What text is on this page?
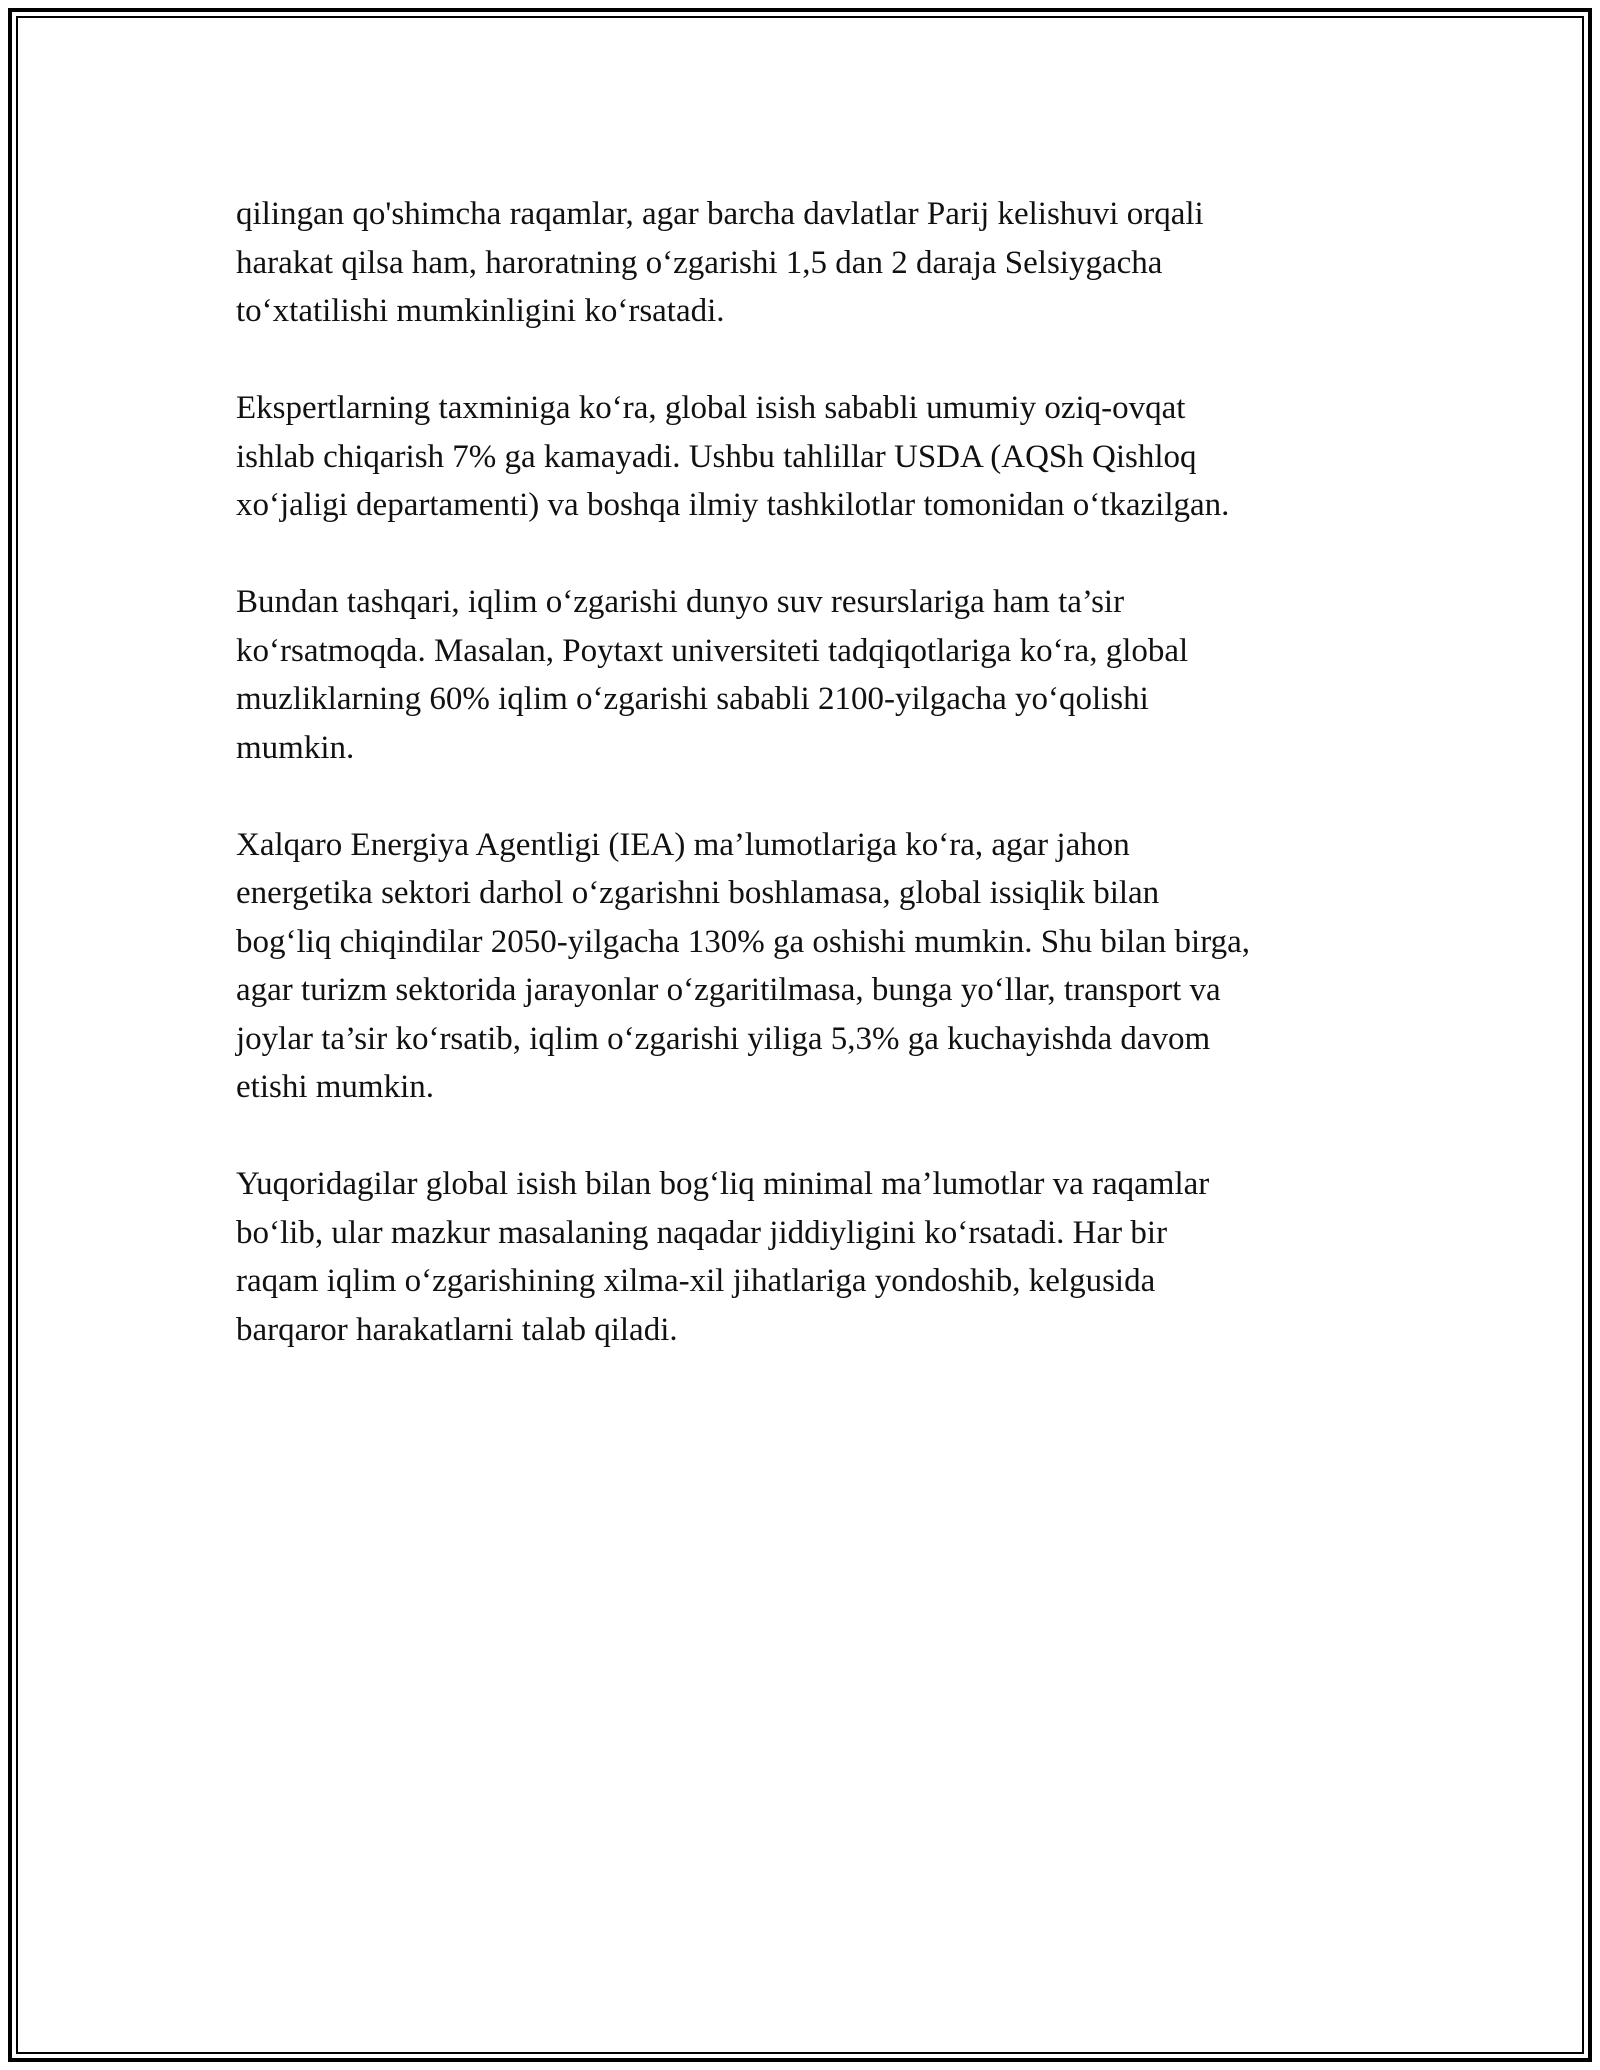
qilingan qo'shimcha raqamlar, agar barcha davlatlar Parij kelishuvi orqali
harakat qilsa ham, haroratning o‘zgarishi 1,5 dan 2 daraja Selsiygacha
to‘xtatilishi mumkinligini ko‘rsatadi.

Ekspertlarning taxminiga ko‘ra, global isish sababli umumiy oziq-ovqat
ishlab chiqarish 7% ga kamayadi. Ushbu tahlillar USDA (AQSh Qishloq
xo‘jaligi departamenti) va boshqa ilmiy tashkilotlar tomonidan o‘tkazilgan.

Bundan tashqari, iqlim o‘zgarishi dunyo suv resurslariga ham ta’sir
ko‘rsatmoqda. Masalan, Poytaxt universiteti tadqiqotlariga ko‘ra, global
muzliklarning 60% iqlim o‘zgarishi sababli 2100-yilgacha yo‘qolishi
mumkin.

Xalqaro Energiya Agentligi (IEA) ma’lumotlariga ko‘ra, agar jahon
energetika sektori darhol o‘zgarishni boshlamasa, global issiqlik bilan
bog‘liq chiqindilar 2050-yilgacha 130% ga oshishi mumkin. Shu bilan birga,
agar turizm sektorida jarayonlar o‘zgaritilmasa, bunga yo‘llar, transport va
joylar ta’sir ko‘rsatib, iqlim o‘zgarishi yiliga 5,3% ga kuchayishda davom
etishi mumkin.

Yuqoridagilar global isish bilan bog‘liq minimal ma’lumotlar va raqamlar
bo‘lib, ular mazkur masalaning naqadar jiddiyligini ko‘rsatadi. Har bir
raqam iqlim o‘zgarishining xilma-xil jihatlariga yondoshib, kelgusida
barqaror harakatlarni talab qiladi.
